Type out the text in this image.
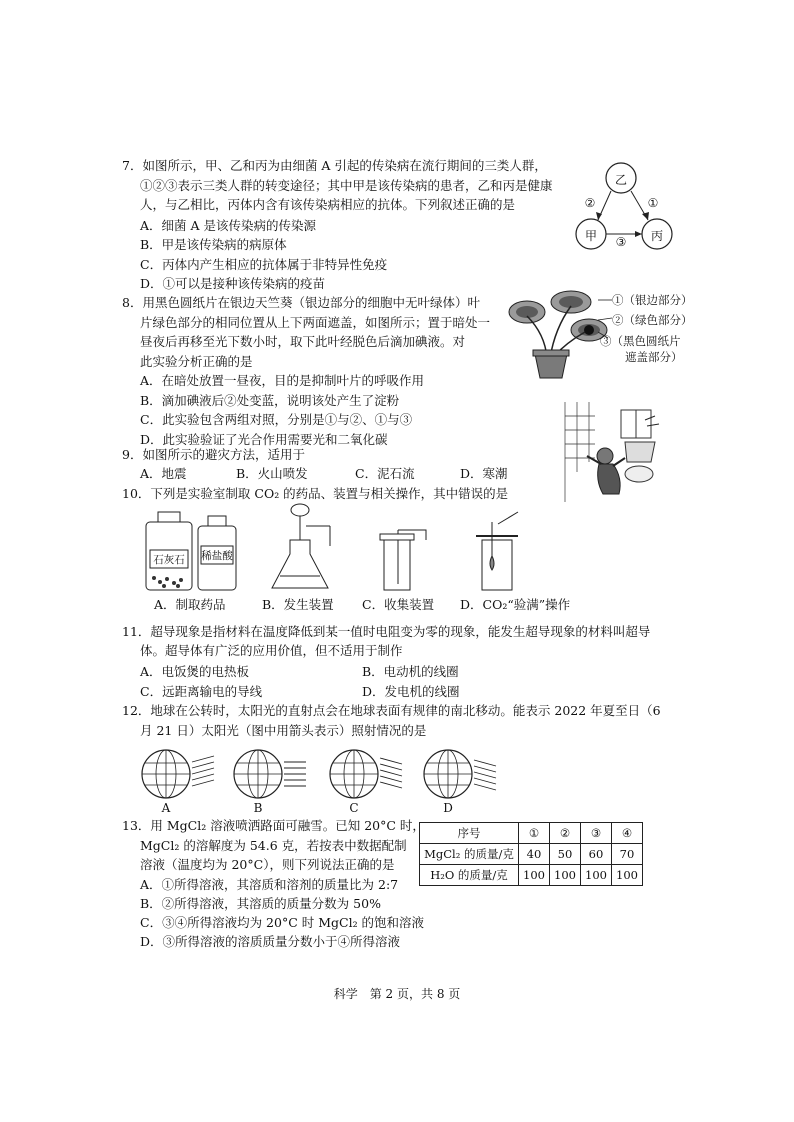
7．如图所示，甲、乙和丙为由细菌 A 引起的传染病在流行期间的三类人群，
①②③表示三类人群的转变途径；其中甲是该传染病的患者，乙和丙是健康
人，与乙相比，丙体内含有该传染病相应的抗体。下列叙述正确的是
A．细菌 A 是该传染病的传染源
B．甲是该传染病的病原体
C．丙体内产生相应的抗体属于非特异性免疫
D．①可以是接种该传染病的疫苗
乙
甲	丙
②	①
③
8．用黑色圆纸片在银边天竺葵（银边部分的细胞中无叶绿体）叶
片绿色部分的相同位置从上下两面遮盖，如图所示；置于暗处一
昼夜后再移至光下数小时，取下此叶经脱色后滴加碘液。对
此实验分析正确的是
A．在暗处放置一昼夜，目的是抑制叶片的呼吸作用
B．滴加碘液后②处变蓝，说明该处产生了淀粉
C．此实验包含两组对照，分别是①与②、①与③
D．此实验验证了光合作用需要光和二氧化碳
①（银边部分）
②（绿色部分）
③（黑色圆纸片
遮盖部分）
9．如图所示的避灾方法，适用于
A．地震	B．火山喷发	C．泥石流	D．寒潮
10．下列是实验室制取 CO₂ 的药品、装置与相关操作，其中错误的是
石灰石	稀盐酸
A．制取药品	B．发生装置 C．收集装置 D．CO₂“验满”操作
11．超导现象是指材料在温度降低到某一值时电阻变为零的现象，能发生超导现象的材料叫超导
体。超导体有广泛的应用价值，但不适用于制作
A．电饭煲的电热板	B．电动机的线圈
C．远距离输电的导线	D．发电机的线圈
12．地球在公转时，太阳光的直射点会在地球表面有规律的南北移动。能表示 2022 年夏至日（6
月 21 日）太阳光（图中用箭头表示）照射情况的是
A	B	C	D
13．用 MgCl₂ 溶液喷洒路面可融雪。已知 20°C 时，
MgCl₂ 的溶解度为 54.6 克，若按表中数据配制
溶液（温度均为 20°C），则下列说法正确的是
A．①所得溶液，其溶质和溶剂的质量比为 2:7
B．②所得溶液，其溶质的质量分数为 50%
C．③④所得溶液均为 20°C 时 MgCl₂ 的饱和溶液
D．③所得溶液的溶质质量分数小于④所得溶液
序号	①	②	③	④
MgCl₂ 的质量/克	40	50	60	70
H₂O 的质量/克	100	100	100	100
科学　第 2 页，共 8 页
